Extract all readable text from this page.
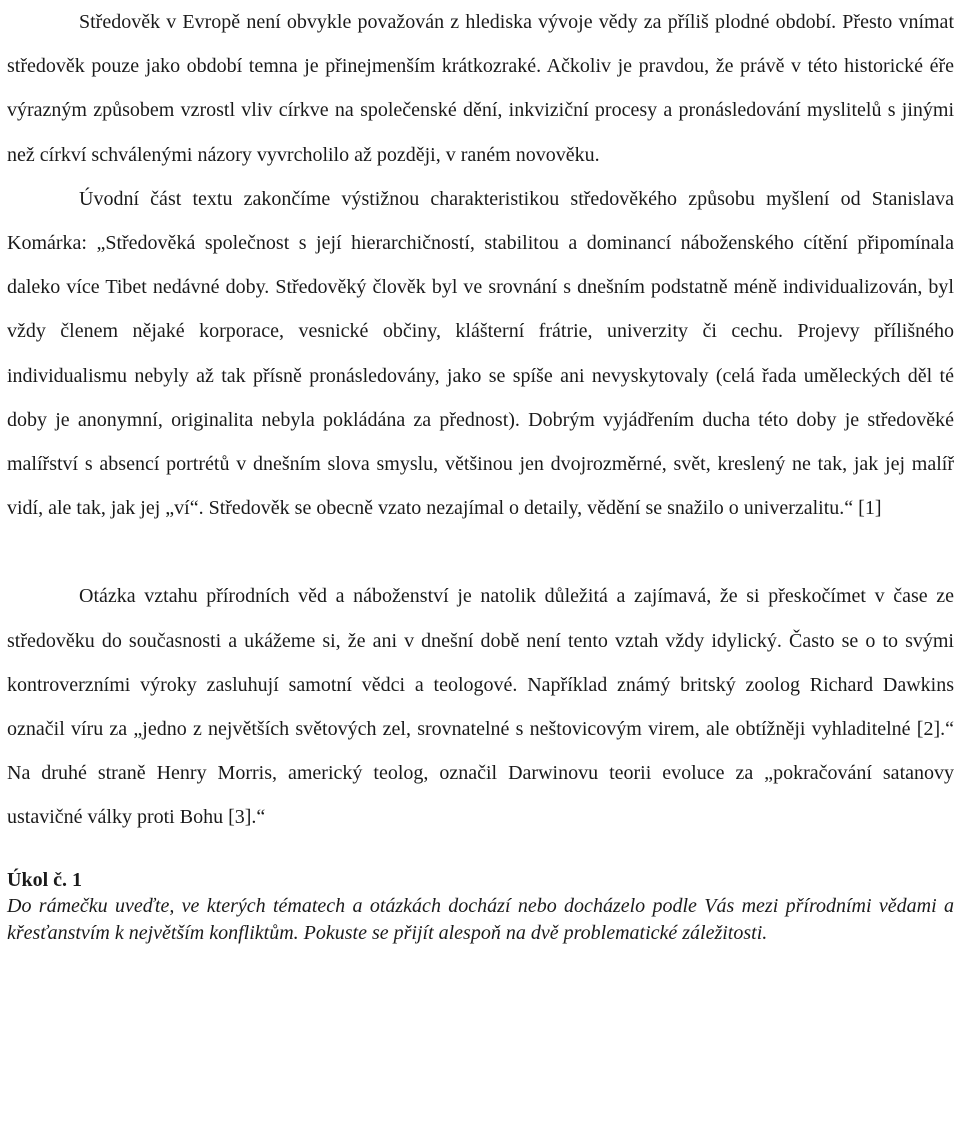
Středověk v Evropě není obvykle považován z hlediska vývoje vědy za příliš plodné období. Přesto vnímat středověk pouze jako období temna je přinejmenším krátkozraké. Ačkoliv je pravdou, že právě v této historické éře výrazným způsobem vzrostl vliv církve na společenské dění, inkviziční procesy a pronásledování myslitelů s jinými než církví schválenými názory vyvrcholilo až později, v raném novověku.

Úvodní část textu zakončíme výstižnou charakteristikou středověkého způsobu myšlení od Stanislava Komárka: „Středověká společnost s její hierarchičností, stabilitou a dominancí náboženského cítění připomínala daleko více Tibet nedávné doby. Středověký člověk byl ve srovnání s dnešním podstatně méně individualizován, byl vždy členem nějaké korporace, vesnické občiny, klášterní frátrie, univerzity či cechu. Projevy přílišného individualismu nebyly až tak přísně pronásledovány, jako se spíše ani nevyskytovaly (celá řada uměleckých děl té doby je anonymní, originalita nebyla pokládána za přednost). Dobrým vyjádřením ducha této doby je středověké malířství s absencí portrétů v dnešním slova smyslu, většinou jen dvojrozměrné, svět, kreslený ne tak, jak jej malíř vidí, ale tak, jak jej „ví“. Středověk se obecně vzato nezajímal o detaily, vědění se snažilo o univerzalitu.“ [1]

Otázka vztahu přírodních věd a náboženství je natolik důležitá a zajímavá, že si přeskočímet v čase ze středověku do současnosti a ukážeme si, že ani v dnešní době není tento vztah vždy idylický. Často se o to svými kontroverzními výroky zasluhují samotní vědci a teologové. Například známý britský zoolog Richard Dawkins označil víru za „jedno z největších světových zel, srovnatelné s neštovicovým virem, ale obtížněji vyhladitelné [2].“ Na druhé straně Henry Morris, americký teolog, označil Darwinovu teorii evoluce za „pokračování satanovy ustavičné války proti Bohu [3].“

Úkol č. 1

Do rámečku uveďte, ve kterých tématech a otázkách dochází nebo docházelo podle Vás mezi přírodními vědami a křesťanstvím k největším konfliktům. Pokuste se přijít alespoň na dvě problematické záležitosti.
